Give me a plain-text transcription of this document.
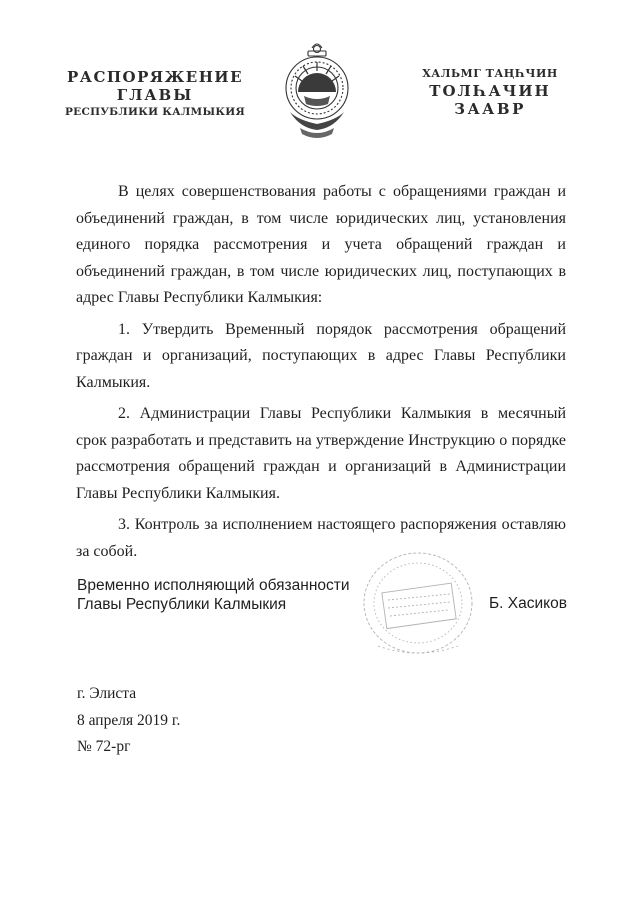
РАСПОРЯЖЕНИЕ
ГЛАВЫ
РЕСПУБЛИКИ КАЛМЫКИЯ
ХАЛЬМГ ТАҢҺЧИН
ТОЛҺАЧИН
ЗААВР

В целях совершенствования работы с обращениями граждан и объединений граждан, в том числе юридических лиц, установления единого порядка рассмотрения и учета обращений граждан и объединений граждан, в том числе юридических лиц, поступающих в адрес Главы Республики Калмыкия:

1. Утвердить Временный порядок рассмотрения обращений граждан и организаций, поступающих в адрес Главы Республики Калмыкия.

2. Администрации Главы Республики Калмыкия в месячный срок разработать и представить на утверждение Инструкцию о порядке рассмотрения обращений граждан и организаций в Администрации Главы Республики Калмыкия.

3. Контроль за исполнением настоящего распоряжения оставляю за собой.

Временно исполняющий обязанности
Главы Республики Калмыкия	Б. Хасиков
г. Элиста
8 апреля 2019 г.
№ 72-рг
